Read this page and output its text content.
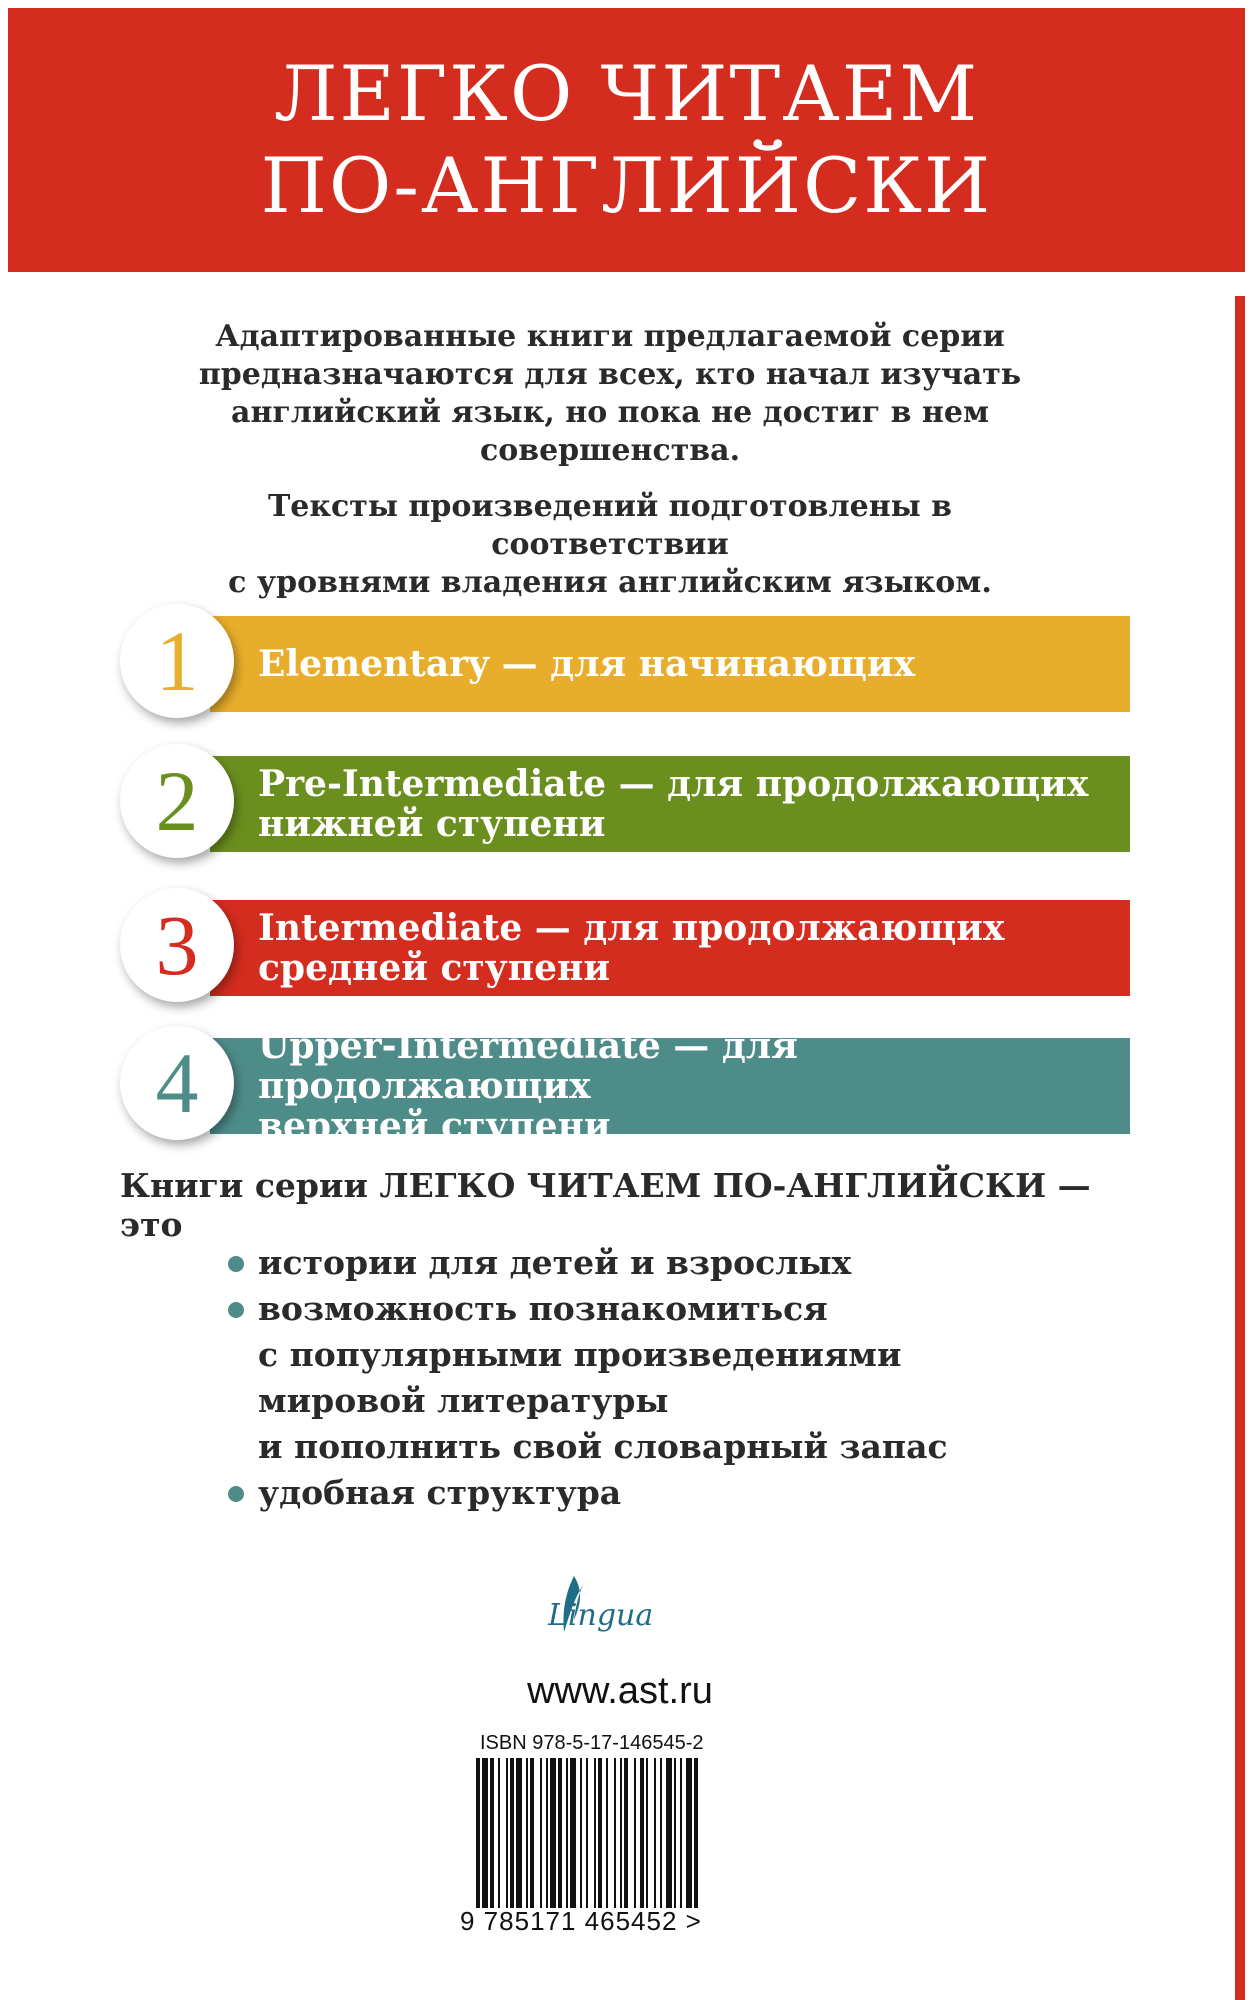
ЛЕГКО ЧИТАЕМ
ПО-АНГЛИЙСКИ

Адаптированные книги предлагаемой серии
предназначаются для всех, кто начал изучать
английский язык, но пока не достиг в нем
совершенства.

Тексты произведений подготовлены в соответствии
с уровнями владения английским языком.

Elementary — для начинающих
1
Pre-Intermediate — для продолжающих
нижней ступени
2
Intermediate — для продолжающих
средней ступени
3
Upper-Intermediate — для продолжающих
верхней ступени
4
Книги серии ЛЕГКО ЧИТАЕМ ПО-АНГЛИЙСКИ — это
истории для детей и взрослых
возможность познакомиться
с популярными произведениями
мировой литературы
и пополнить свой словарный запас
удобная структура
Lingua
www.ast.ru
ISBN 978-5-17-146545-2
9 785171 465452 >
